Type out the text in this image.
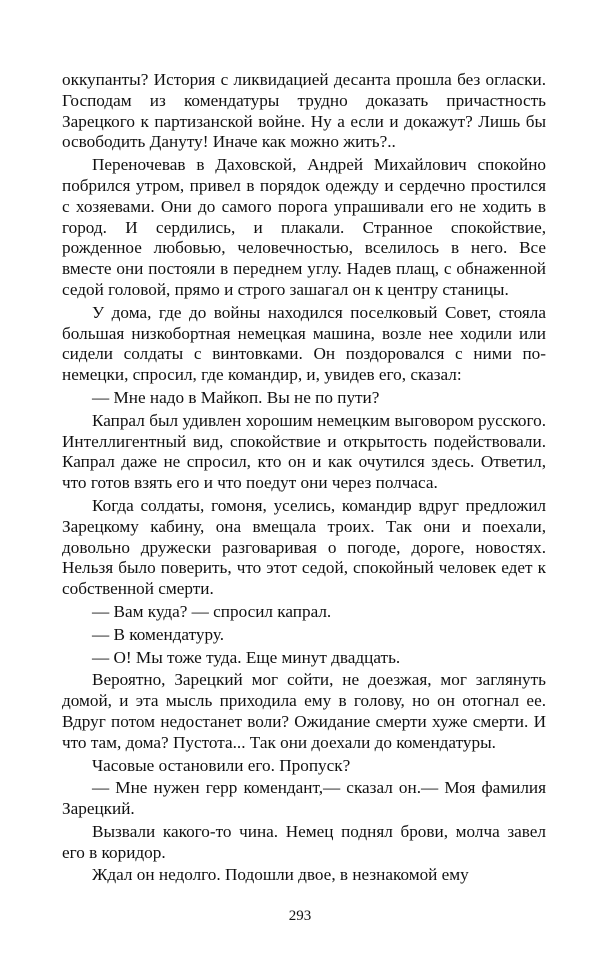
оккупанты? История с ликвидацией десанта прошла без огласки. Господам из комендатуры трудно доказать причастность Зарецкого к партизанской войне. Ну а если и докажут? Лишь бы освободить Дануту! Иначе как можно жить?..

Переночевав в Даховской, Андрей Михайлович спокойно побрился утром, привел в порядок одежду и сердечно простился с хозяевами. Они до самого порога упрашивали его не ходить в город. И сердились, и плакали. Странное спокойствие, рожденное любовью, человечностью, вселилось в него. Все вместе они постояли в переднем углу. Надев плащ, с обнаженной седой головой, прямо и строго зашагал он к центру станицы.

У дома, где до войны находился поселковый Совет, стояла большая низкобортная немецкая машина, возле нее ходили или сидели солдаты с винтовками. Он поздоровался с ними по-немецки, спросил, где командир, и, увидев его, сказал:

— Мне надо в Майкоп. Вы не по пути?

Капрал был удивлен хорошим немецким выговором русского. Интеллигентный вид, спокойствие и открытость подействовали. Капрал даже не спросил, кто он и как очутился здесь. Ответил, что готов взять его и что поедут они через полчаса.

Когда солдаты, гомоня, уселись, командир вдруг предложил Зарецкому кабину, она вмещала троих. Так они и поехали, довольно дружески разговаривая о погоде, дороге, новостях. Нельзя было поверить, что этот седой, спокойный человек едет к собственной смерти.

— Вам куда? — спросил капрал.

— В комендатуру.

— О! Мы тоже туда. Еще минут двадцать.

Вероятно, Зарецкий мог сойти, не доезжая, мог заглянуть домой, и эта мысль приходила ему в голову, но он отогнал ее. Вдруг потом недостанет воли? Ожидание смерти хуже смерти. И что там, дома? Пустота... Так они доехали до комендатуры.

Часовые остановили его. Пропуск?

— Мне нужен герр комендант,— сказал он.— Моя фамилия Зарецкий.

Вызвали какого-то чина. Немец поднял брови, молча завел его в коридор.

Ждал он недолго. Подошли двое, в незнакомой ему

293
